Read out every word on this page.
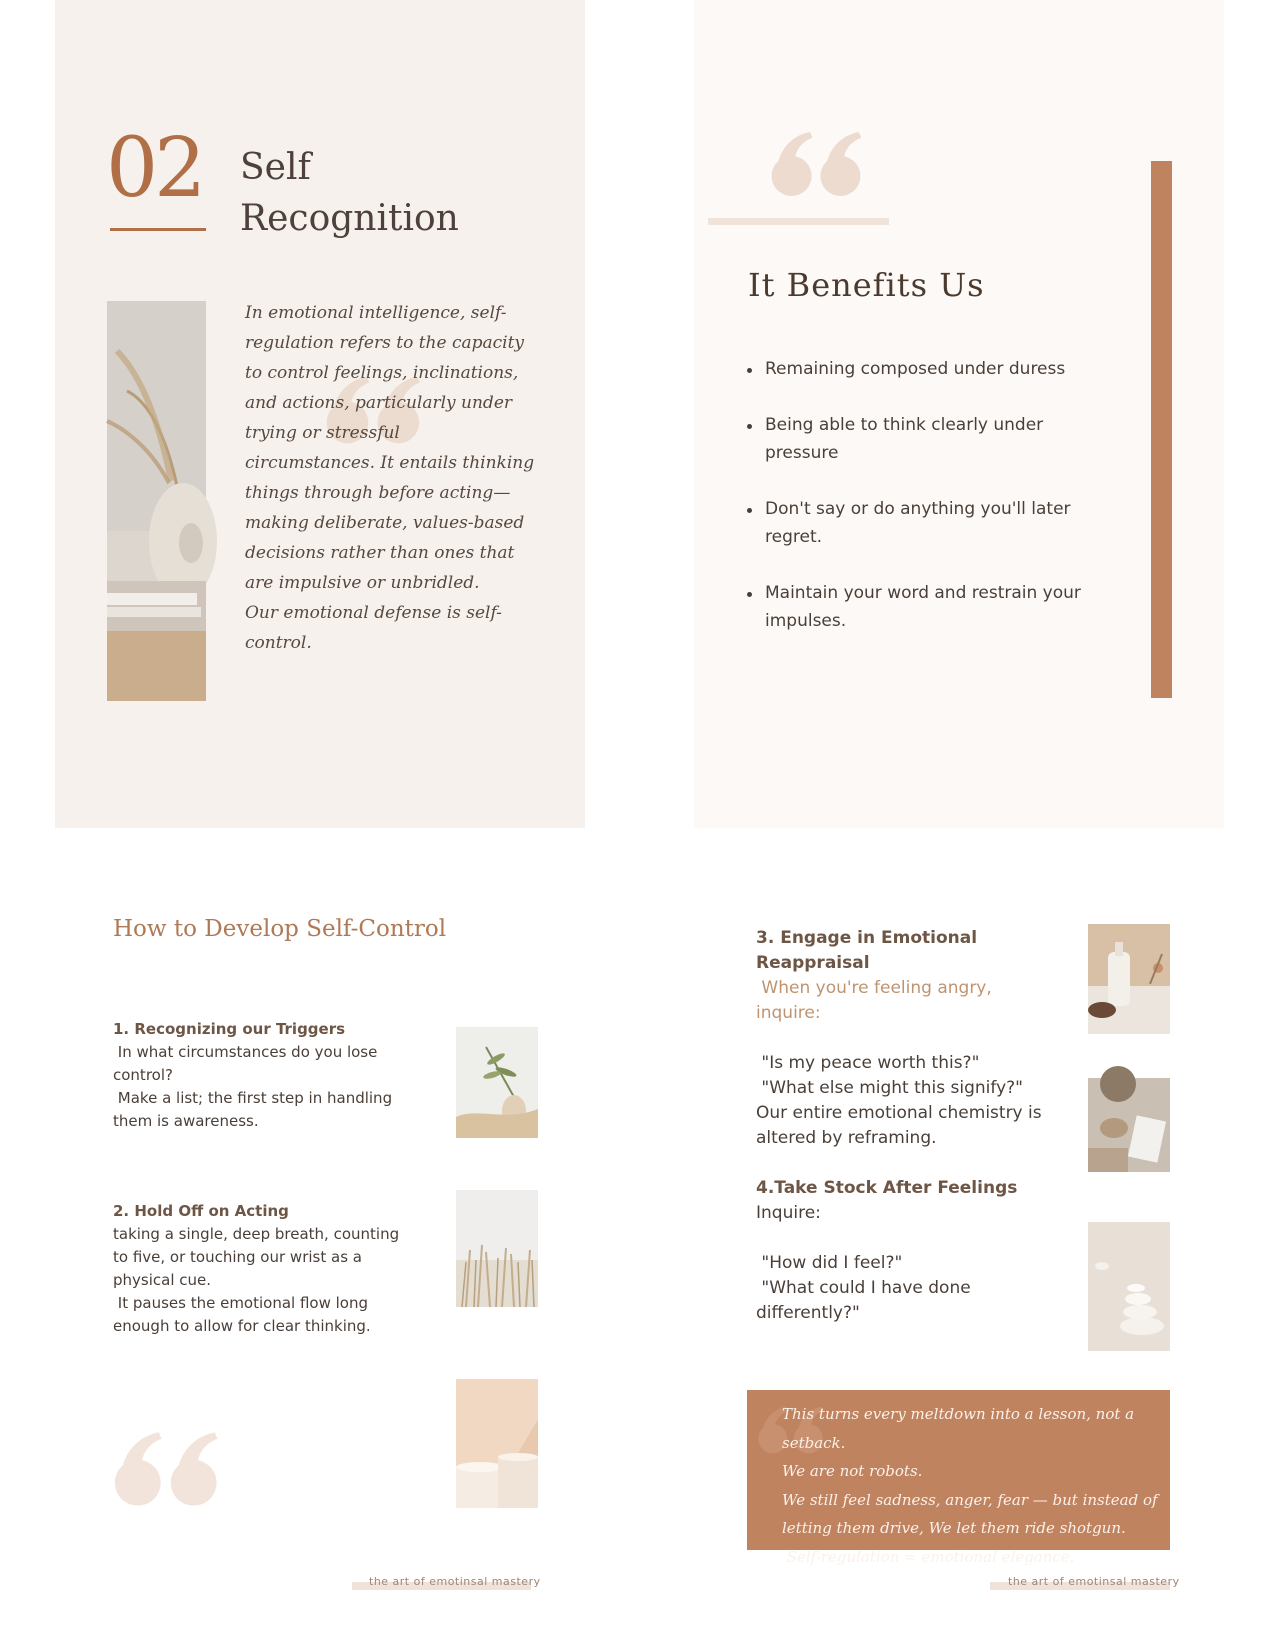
02 Self
Recognition
In emotional intelligence, self-regulation refers to the capacity to control feelings, inclinations, and actions, particularly under trying or stressful circumstances. It entails thinking things through before acting—making deliberate, values-based decisions rather than ones that are impulsive or unbridled.
Our emotional defense is self-control.
It Benefits Us
Remaining composed under duress
Being able to think clearly under pressure
Don't say or do anything you'll later regret.
Maintain your word and restrain your impulses.
How to Develop Self-Control
1. Recognizing our Triggers

In what circumstances do you lose control?
Make a list; the first step in handling them is awareness.

2. Hold Off on Acting

taking a single, deep breath, counting to five, or touching our wrist as a physical cue.
It pauses the emotional flow long enough to allow for clear thinking.

the art of emotinsal mastery
3. Engage in Emotional Reappraisal

When you're feeling angry, inquire:

"Is my peace worth this?"
"What else might this signify?"
Our entire emotional chemistry is altered by reframing.

4.Take Stock After Feelings

Inquire:

"How did I feel?"
"What could I have done differently?"

This turns every meltdown into a lesson, not a setback.
We are not robots.
We still feel sadness, anger, fear — but instead of letting them drive, We let them ride shotgun.
Self-regulation = emotional elegance.
the art of emotinsal mastery
